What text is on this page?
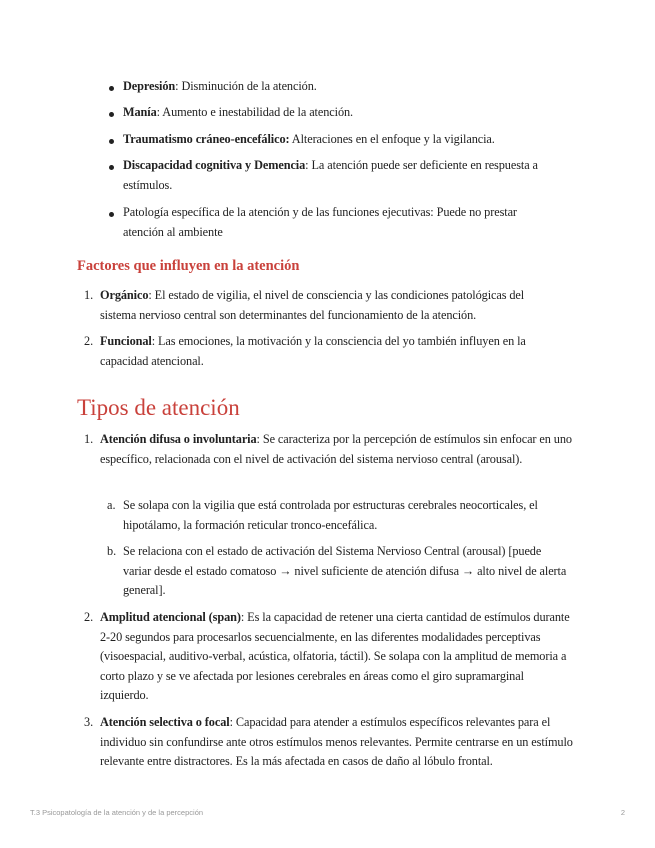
Depresión: Disminución de la atención.
Manía: Aumento e inestabilidad de la atención.
Traumatismo cráneo-encefálico: Alteraciones en el enfoque y la vigilancia.
Discapacidad cognitiva y Demencia: La atención puede ser deficiente en respuesta a estímulos.
Patología específica de la atención y de las funciones ejecutivas: Puede no prestar atención al ambiente
Factores que influyen en la atención
1. Orgánico: El estado de vigilia, el nivel de consciencia y las condiciones patológicas del sistema nervioso central son determinantes del funcionamiento de la atención.
2. Funcional: Las emociones, la motivación y la consciencia del yo también influyen en la capacidad atencional.
Tipos de atención
1. Atención difusa o involuntaria: Se caracteriza por la percepción de estímulos sin enfocar en uno específico, relacionada con el nivel de activación del sistema nervioso central (arousal).
a. Se solapa con la vigilia que está controlada por estructuras cerebrales neocorticales, el hipotálamo, la formación reticular tronco-encefálica.
b. Se relaciona con el estado de activación del Sistema Nervioso Central (arousal) [puede variar desde el estado comatoso → nivel suficiente de atención difusa → alto nivel de alerta general].
2. Amplitud atencional (span): Es la capacidad de retener una cierta cantidad de estímulos durante 2-20 segundos para procesarlos secuencialmente, en las diferentes modalidades perceptivas (visoespacial, auditivo-verbal, acústica, olfatoria, táctil). Se solapa con la amplitud de memoria a corto plazo y se ve afectada por lesiones cerebrales en áreas como el giro supramarginal izquierdo.
3. Atención selectiva o focal: Capacidad para atender a estímulos específicos relevantes para el individuo sin confundirse ante otros estímulos menos relevantes. Permite centrarse en un estímulo relevante entre distractores. Es la más afectada en casos de daño al lóbulo frontal.
T.3 Psicopatología de la atención y de la percepción	2
